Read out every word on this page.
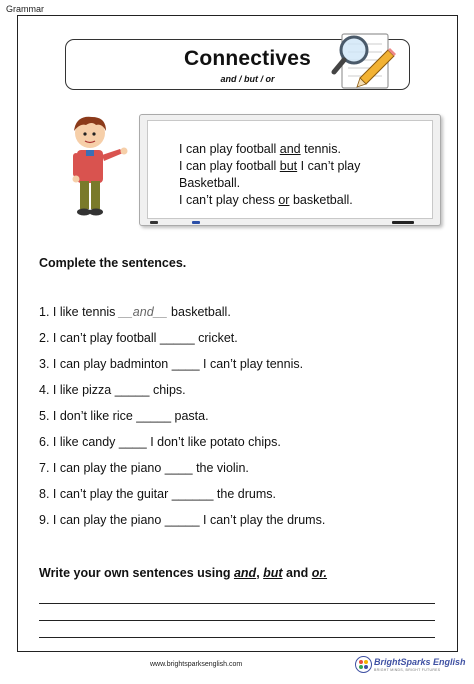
Grammar
Connectives
and / but / or
I can play football and tennis.
I can play football but I can’t play
Basketball.
I can’t play chess or basketball.
Complete the sentences.
1. I like tennis __and__ basketball.
2. I can’t play football _____ cricket.
3. I can play badminton ____ I can’t play tennis.
4. I like pizza _____ chips.
5. I don’t like rice _____ pasta.
6. I like candy ____ I don’t like potato chips.
7. I can play the piano ____ the violin.
8. I can’t play the guitar ______ the drums.
9. I can play the piano _____ I can’t play the drums.
Write your own sentences using and, but and or.
www.brightsparksenglish.com	BrightSparks English
BRIGHT MINDS, BRIGHT FUTURES
